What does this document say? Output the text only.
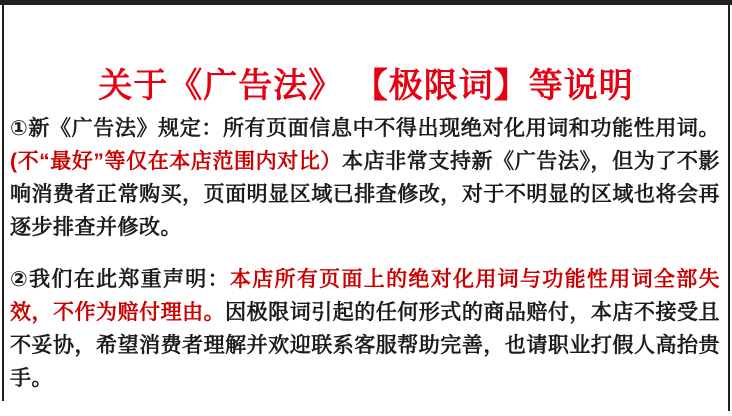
关于《广告法》 【极限词】等说明

①新《广告法》规定：所有页面信息中不得出现绝对化用词和功能性用词。(不“最好”等仅在本店范围内对比）本店非常支持新《广告法》，但为了不影响消费者正常购买，页面明显区域已排查修改，对于不明显的区域也将会再逐步排查并修改。

②我们在此郑重声明：本店所有页面上的绝对化用词与功能性用词全部失效，不作为赔付理由。因极限词引起的任何形式的商品赔付，本店不接受且不妥协，希望消费者理解并欢迎联系客服帮助完善，也请职业打假人高抬贵手。
